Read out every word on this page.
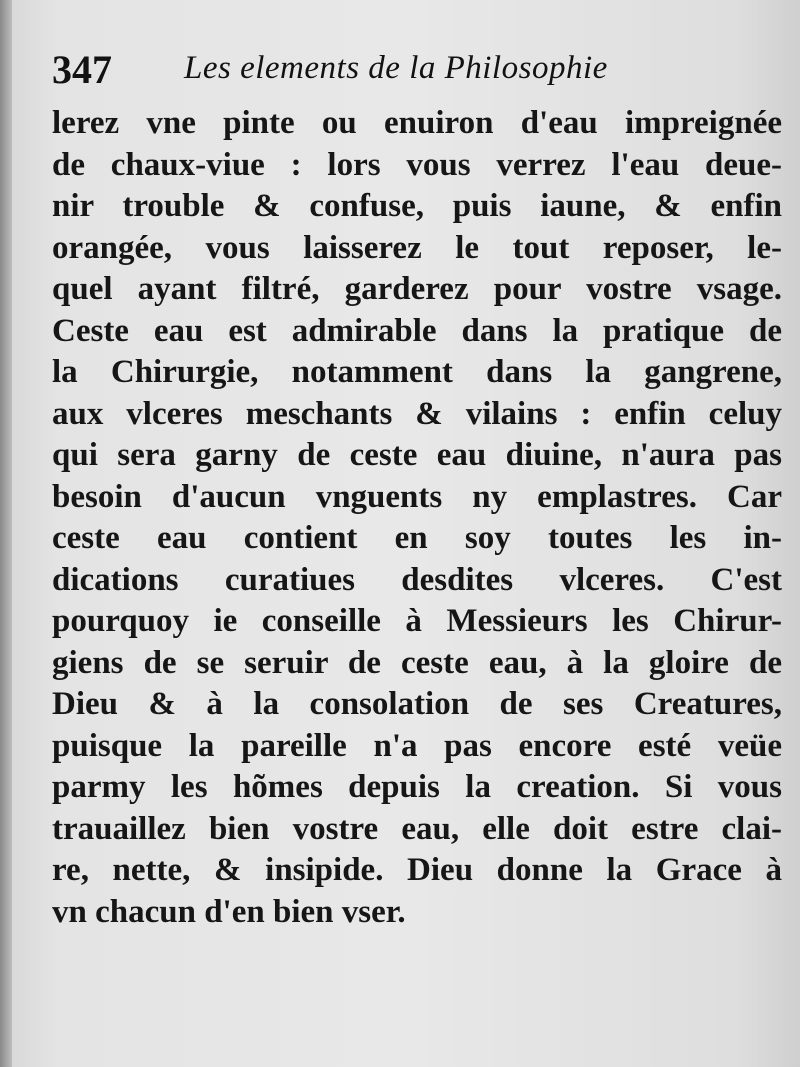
347 Les elements de la Philosophie
lerez vne pinte ou enuiron d'eau impreignée
de chaux-viue : lors vous verrez l'eau deue-
nir trouble & confuse, puis iaune, & enfin
orangée, vous laisserez le tout reposer, le-
quel ayant filtré, garderez pour vostre vsage.
Ceste eau est admirable dans la pratique de
la Chirurgie, notamment dans la gangrene,
aux vlceres meschants & vilains : enfin celuy
qui sera garny de ceste eau diuine, n'aura pas
besoin d'aucun vnguents ny emplastres. Car
ceste eau contient en soy toutes les in-
dications curatiues desdites vlceres. C'est
pourquoy ie conseille à Messieurs les Chirur-
giens de se seruir de ceste eau, à la gloire de
Dieu & à la consolation de ses Creatures,
puisque la pareille n'a pas encore esté veüe
parmy les hõmes depuis la creation. Si vous
trauaillez bien vostre eau, elle doit estre clai-
re, nette, & insipide. Dieu donne la Grace à
vn chacun d'en bien vser.
